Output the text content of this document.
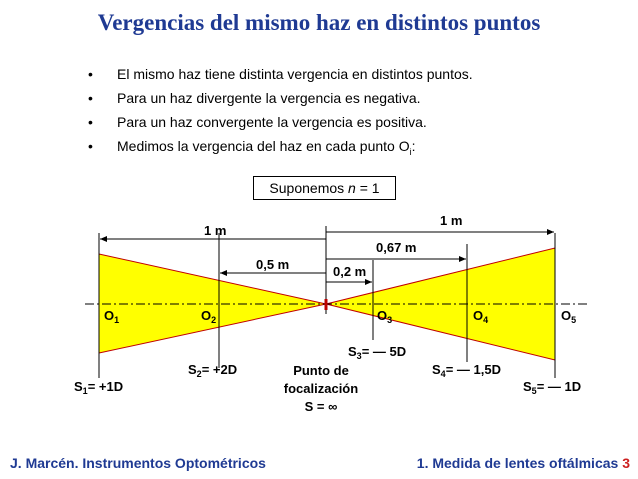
Vergencias del mismo haz en distintos puntos
• El mismo haz tiene distinta vergencia en distintos puntos.
• Para un haz divergente la vergencia es negativa.
• Para un haz convergente la vergencia es positiva.
• Medimos la vergencia del haz en cada punto $O_i$:
Suponemos n = 1
1 m
1 m
0,67 m
0,5 m	0,2 m
$O_1$	$O_2$	$O_3$	$O_4$	$O_5$
$S_3=$ — 5D
$S_2= +2D$	$S_4=$ — 1,5D
$S_1= +1D$	$S_5=$ — 1D
Punto de
focalización
S = ∞
J. Marcén. Instrumentos Optométricos	1. Medida de lentes oftálmicas 3
